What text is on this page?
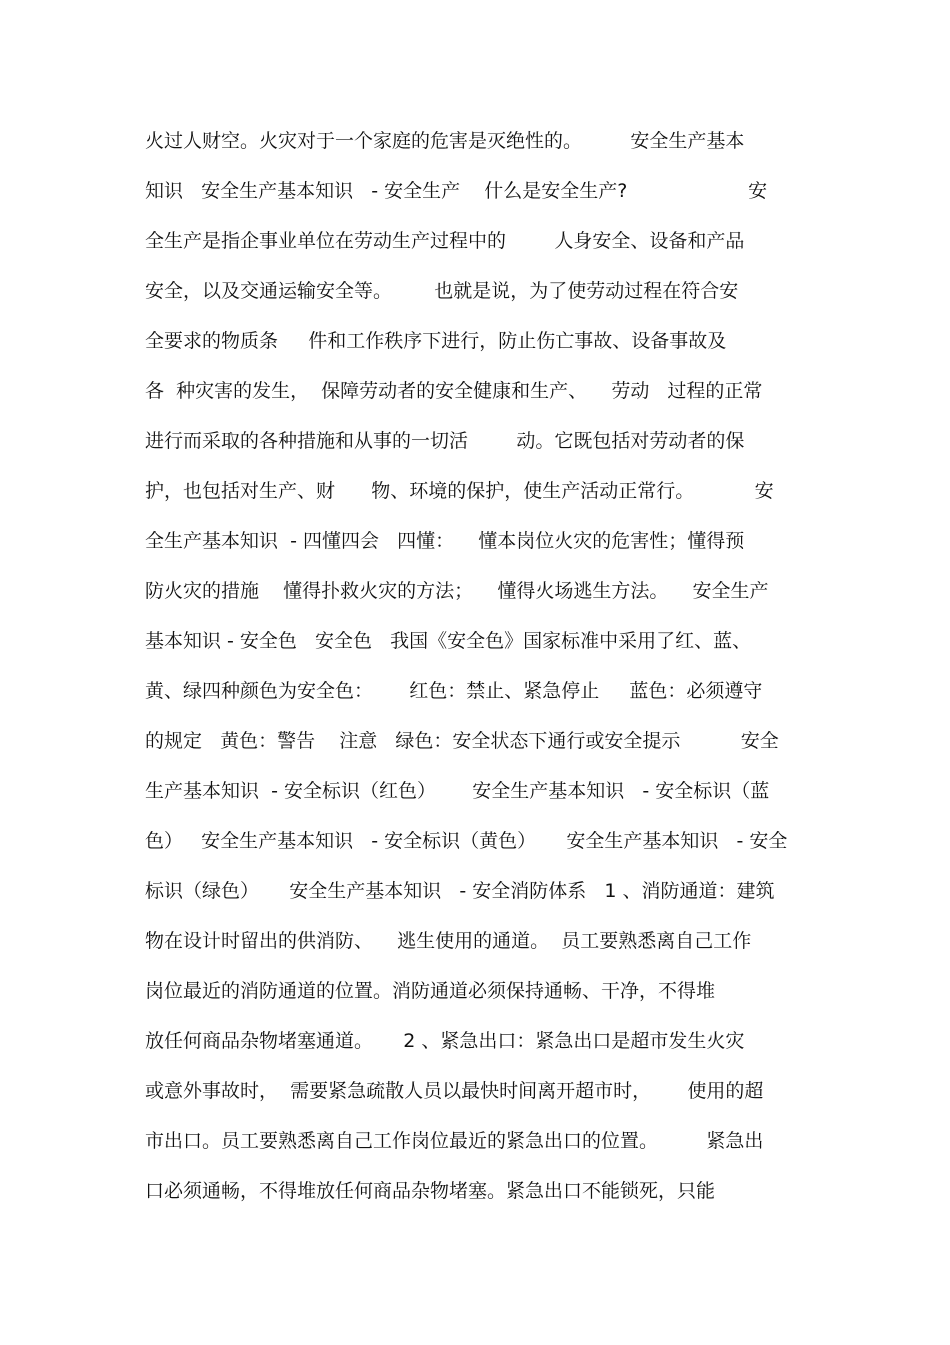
火过人财空。火灾对于一个家庭的危害是灭绝性的。        安全生产基本
知识   安全生产基本知识   - 安全生产    什么是安全生产?                    安
全生产是指企事业单位在劳动生产过程中的        人身安全、设备和产品
安全，以及交通运输安全等。       也就是说，为了使劳动过程在符合安
全要求的物质条     件和工作秩序下进行，防止伤亡事故、设备事故及
各  种灾害的发生，  保障劳动者的安全健康和生产、    劳动   过程的正常
进行而采取的各种措施和从事的一切活        动。它既包括对劳动者的保
护，也包括对生产、财      物、环境的保护，使生产活动正常行。          安
全生产基本知识  - 四懂四会   四懂：    懂本岗位火灾的危害性；懂得预
防火灾的措施    懂得扑救火灾的方法；    懂得火场逃生方法。    安全生产
基本知识 - 安全色   安全色   我国《安全色》国家标准中采用了红、蓝、
黄、绿四种颜色为安全色：      红色：禁止、紧急停止     蓝色：必须遵守
的规定   黄色：警告    注意   绿色：安全状态下通行或安全提示          安全
生产基本知识  - 安全标识（红色）      安全生产基本知识   - 安全标识（蓝
色）   安全生产基本知识   - 安全标识（黄色）     安全生产基本知识   - 安全
标识（绿色）     安全生产基本知识   - 安全消防体系   1 、消防通道：建筑
物在设计时留出的供消防、    逃生使用的通道。  员工要熟悉离自己工作
岗位最近的消防通道的位置。消防通道必须保持通畅、干净，不得堆
放任何商品杂物堵塞通道。     2 、紧急出口：紧急出口是超市发生火灾
或意外事故时，  需要紧急疏散人员以最快时间离开超市时，      使用的超
市出口。员工要熟悉离自己工作岗位最近的紧急出口的位置。        紧急出
口必须通畅，不得堆放任何商品杂物堵塞。紧急出口不能锁死，只能
